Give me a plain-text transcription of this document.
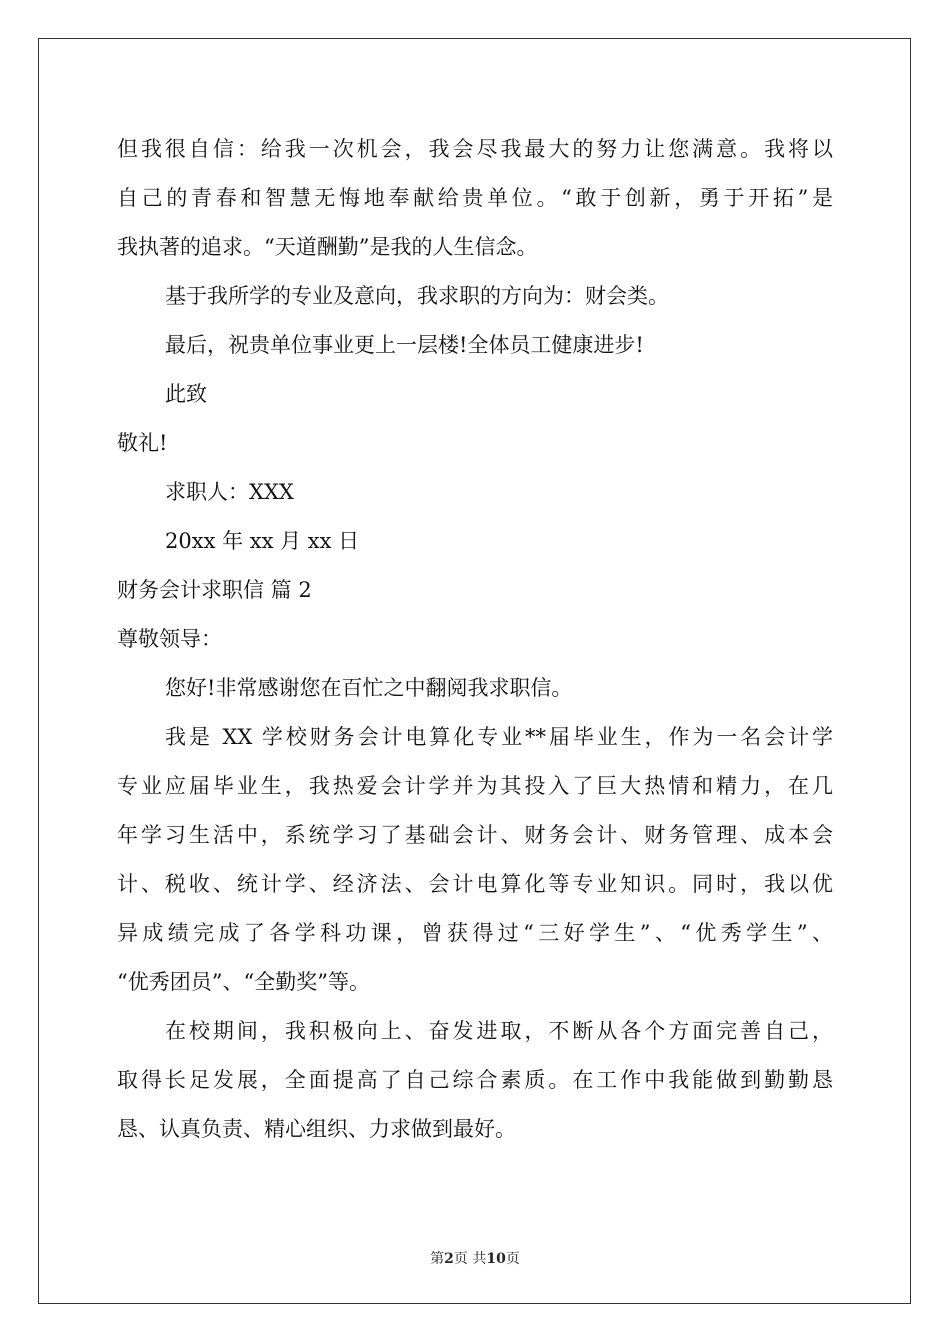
但我很自信：给我一次机会，我会尽我最大的努力让您满意。我将以
自己的青春和智慧无悔地奉献给贵单位。“敢于创新，勇于开拓”是
我执著的追求。“天道酬勤”是我的人生信念。
基于我所学的专业及意向，我求职的方向为：财会类。
最后，祝贵单位事业更上一层楼!全体员工健康进步!
此致
敬礼!
求职人：XXX
20xx 年 xx 月 xx 日
财务会计求职信 篇 2
尊敬领导：
您好!非常感谢您在百忙之中翻阅我求职信。
我是 XX 学校财务会计电算化专业**届毕业生，作为一名会计学
专业应届毕业生，我热爱会计学并为其投入了巨大热情和精力，在几
年学习生活中，系统学习了基础会计、财务会计、财务管理、成本会
计、税收、统计学、经济法、会计电算化等专业知识。同时，我以优
异成绩完成了各学科功课，曾获得过“三好学生”、“优秀学生”、
“优秀团员”、“全勤奖”等。
在校期间，我积极向上、奋发进取，不断从各个方面完善自己，
取得长足发展，全面提高了自己综合素质。在工作中我能做到勤勤恳
恳、认真负责、精心组织、力求做到最好。
第2页 共10页
